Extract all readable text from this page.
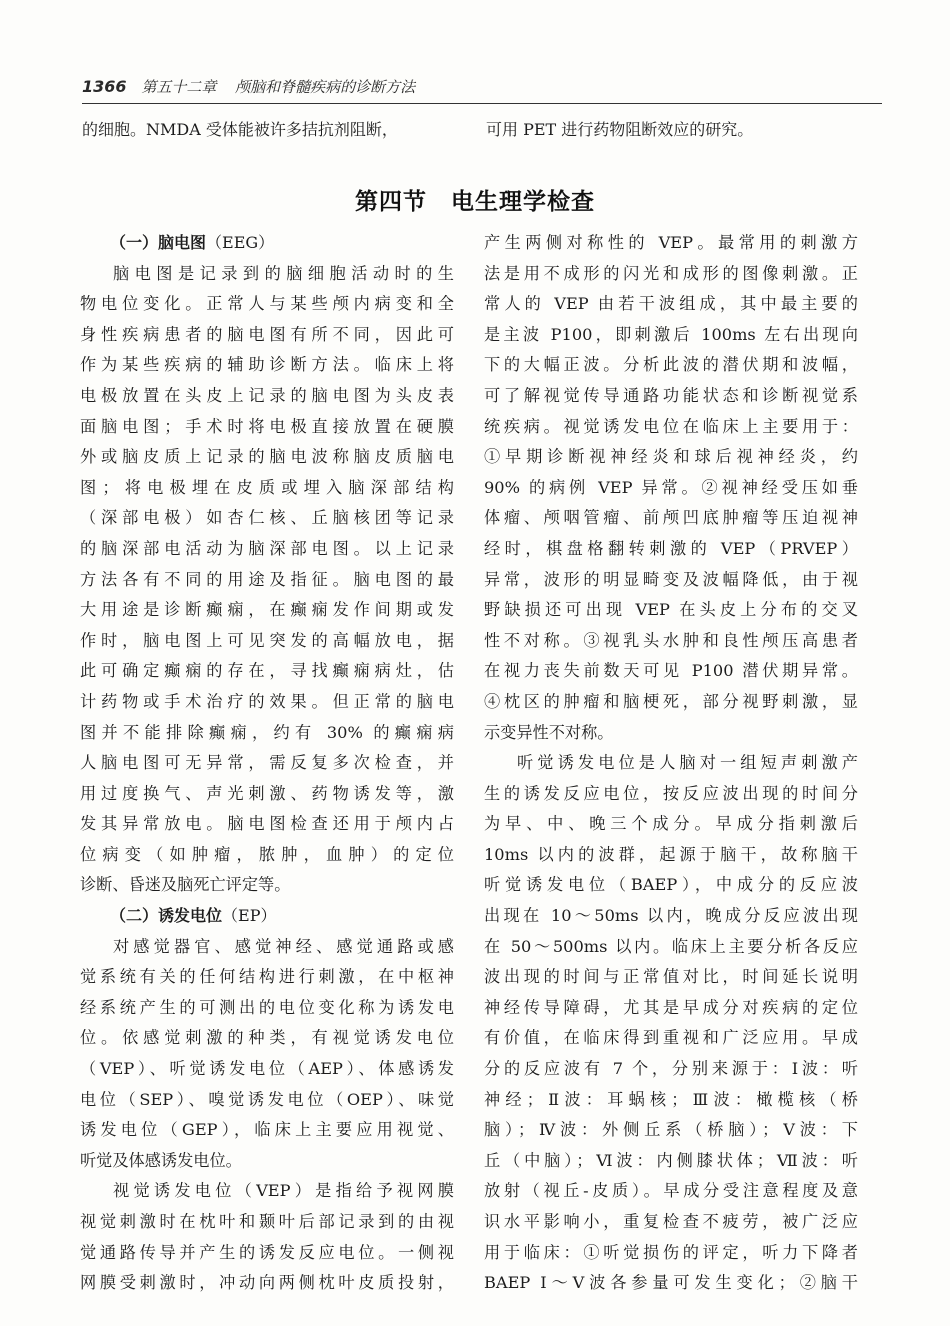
1366 第五十二章 颅脑和脊髓疾病的诊断方法
的细胞。NMDA 受体能被许多拮抗剂阻断，	可用 PET 进行药物阻断效应的研究。
第四节　电生理学检查
（一）脑电图（EEG）
脑电图是记录到的脑细胞活动时的生
物电位变化。正常人与某些颅内病变和全
身性疾病患者的脑电图有所不同，因此可
作为某些疾病的辅助诊断方法。临床上将
电极放置在头皮上记录的脑电图为头皮表
面脑电图；手术时将电极直接放置在硬膜
外或脑皮质上记录的脑电波称脑皮质脑电
图；将电极埋在皮质或埋入脑深部结构
（深部电极）如杏仁核、丘脑核团等记录
的脑深部电活动为脑深部电图。以上记录
方法各有不同的用途及指征。脑电图的最
大用途是诊断癫痫，在癫痫发作间期或发
作时，脑电图上可见突发的高幅放电，据
此可确定癫痫的存在，寻找癫痫病灶，估
计药物或手术治疗的效果。但正常的脑电
图并不能排除癫痫，约有 30% 的癫痫病
人脑电图可无异常，需反复多次检查，并
用过度换气、声光刺激、药物诱发等，激
发其异常放电。脑电图检查还用于颅内占
位病变（如肿瘤，脓肿，血肿）的定位
诊断、昏迷及脑死亡评定等。
（二）诱发电位（EP）
对感觉器官、感觉神经、感觉通路或感
觉系统有关的任何结构进行刺激，在中枢神
经系统产生的可测出的电位变化称为诱发电
位。依感觉刺激的种类，有视觉诱发电位
（VEP）、听觉诱发电位（AEP）、体感诱发
电位（SEP）、嗅觉诱发电位（OEP）、味觉
诱发电位（GEP），临床上主要应用视觉、
听觉及体感诱发电位。
视觉诱发电位（VEP）是指给予视网膜
视觉刺激时在枕叶和颞叶后部记录到的由视
觉通路传导并产生的诱发反应电位。一侧视
网膜受刺激时，冲动向两侧枕叶皮质投射，
产生两侧对称性的 VEP。最常用的刺激方
法是用不成形的闪光和成形的图像刺激。正
常人的 VEP 由若干波组成，其中最主要的
是主波 P100，即刺激后 100ms 左右出现向
下的大幅正波。分析此波的潜伏期和波幅，
可了解视觉传导通路功能状态和诊断视觉系
统疾病。视觉诱发电位在临床上主要用于：
①早期诊断视神经炎和球后视神经炎，约
90% 的病例 VEP 异常。②视神经受压如垂
体瘤、颅咽管瘤、前颅凹底肿瘤等压迫视神
经时，棋盘格翻转刺激的 VEP（PRVEP）
异常，波形的明显畸变及波幅降低，由于视
野缺损还可出现 VEP 在头皮上分布的交叉
性不对称。③视乳头水肿和良性颅压高患者
在视力丧失前数天可见 P100 潜伏期异常。
④枕区的肿瘤和脑梗死，部分视野刺激，显
示变异性不对称。
听觉诱发电位是人脑对一组短声刺激产
生的诱发反应电位，按反应波出现的时间分
为早、中、晚三个成分。早成分指刺激后
10ms 以内的波群，起源于脑干，故称脑干
听觉诱发电位（BAEP），中成分的反应波
出现在 10～50ms 以内，晚成分反应波出现
在 50～500ms 以内。临床上主要分析各反应
波出现的时间与正常值对比，时间延长说明
神经传导障碍，尤其是早成分对疾病的定位
有价值，在临床得到重视和广泛应用。早成
分的反应波有 7 个，分别来源于：Ⅰ波：听
神经；Ⅱ波：耳蜗核；Ⅲ波：橄榄核（桥
脑）；Ⅳ波：外侧丘系（桥脑）；Ⅴ波：下
丘（中脑）；Ⅵ波：内侧膝状体；Ⅶ波：听
放射（视丘-皮质）。早成分受注意程度及意
识水平影响小，重复检查不疲劳，被广泛应
用于临床：①听觉损伤的评定，听力下降者
BAEP Ⅰ～Ⅴ波各参量可发生变化；②脑干
